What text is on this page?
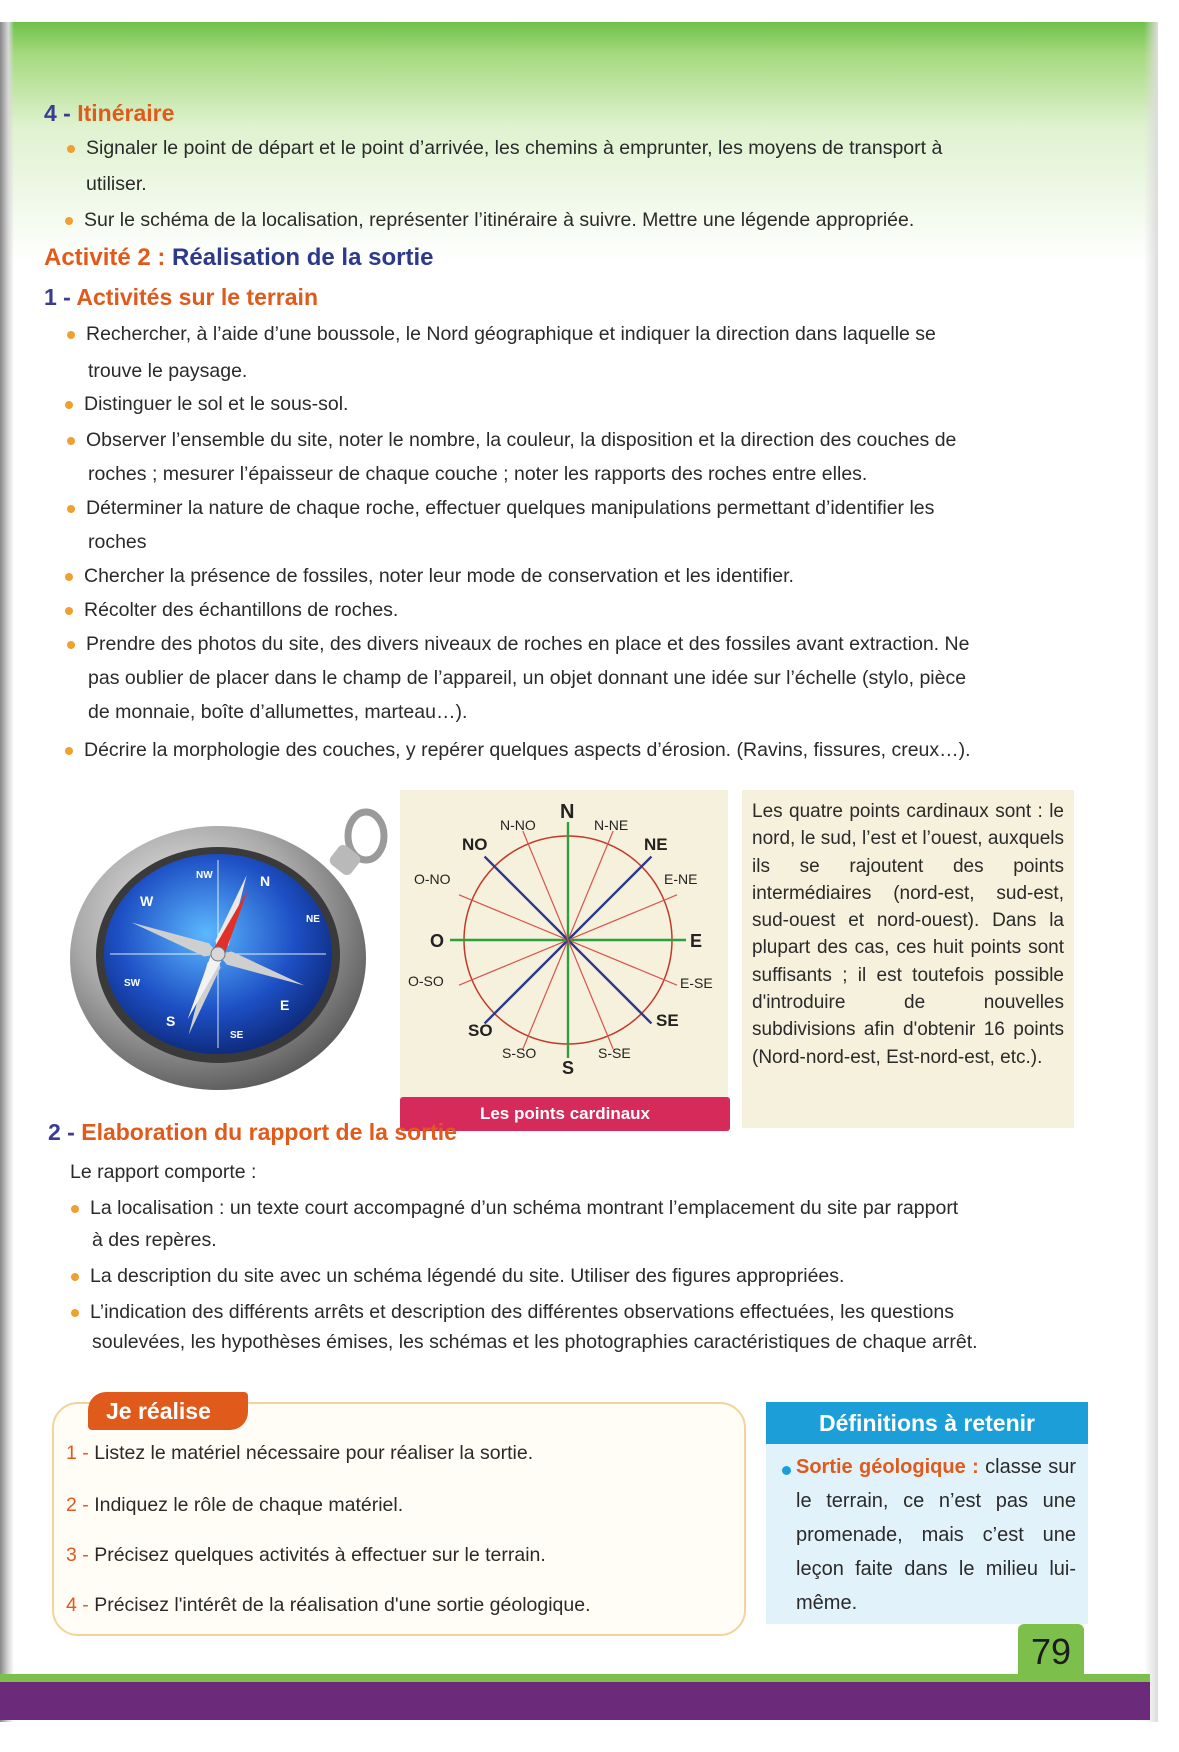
4 - Itinéraire
Signaler le point de départ et le point d’arrivée, les chemins à emprunter, les moyens de transport à
utiliser.
Sur le schéma de la localisation, représenter l’itinéraire à suivre. Mettre une légende appropriée.
Activité 2 : Réalisation de la sortie
1 - Activités sur le terrain
Rechercher, à l’aide d’une boussole, le Nord géographique et indiquer la direction dans laquelle se
trouve le paysage.
Distinguer le sol et le sous-sol.
Observer l’ensemble du site, noter le nombre, la couleur, la disposition et la direction des couches de
roches ; mesurer l’épaisseur de chaque couche ; noter les rapports des roches entre elles.
Déterminer la nature de chaque roche, effectuer quelques manipulations permettant d’identifier les
roches
Chercher la présence de fossiles, noter leur mode de conservation et les identifier.
Récolter des échantillons de roches.
Prendre des photos du site, des divers niveaux de roches en place et des fossiles avant extraction. Ne
pas oublier de placer dans le champ de l’appareil, un objet donnant une idée sur l’échelle (stylo, pièce
de monnaie, boîte d’allumettes, marteau…).
Décrire la morphologie des couches, y repérer quelques aspects d’érosion. (Ravins, fissures, creux…).
N
S
W
E
NW
NE
SE
SW
N
N-NO	N-NE
NO	NE
O-NO	E-NE
O	E
O-SO	E-SE
SO
SE
S-SO	S-SE
S
Les points cardinaux
Les quatre points cardinaux sont : le nord, le sud, l’est et l’ouest, auxquels ils se rajoutent des points intermédiaires (nord-est, sud-est, sud-ouest et nord-ouest). Dans la plupart des cas, ces huit points sont suffisants ; il est toutefois possible d'introduire de nouvelles subdivisions afin d'obtenir 16 points (Nord-nord-est, Est-nord-est, etc.).
2 - Elaboration du rapport de la sortie
Le rapport comporte :
La localisation : un texte court accompagné d’un schéma montrant l’emplacement du site par rapport
à des repères.
La description du site avec un schéma légendé du site. Utiliser des figures appropriées.
L’indication des différents arrêts et description des différentes observations effectuées, les questions
soulevées, les hypothèses émises, les schémas et les photographies caractéristiques de chaque arrêt.
Je réalise
1 - Listez le matériel nécessaire pour réaliser la sortie.
2 - Indiquez le rôle de chaque matériel.
3 - Précisez quelques activités à effectuer sur le terrain.
4 - Précisez l'intérêt de la réalisation d'une sortie géologique.
Définitions à retenir
Sortie géologique : classe sur le terrain, ce n’est pas une promenade, mais c’est une leçon faite dans le milieu lui-même.
79
